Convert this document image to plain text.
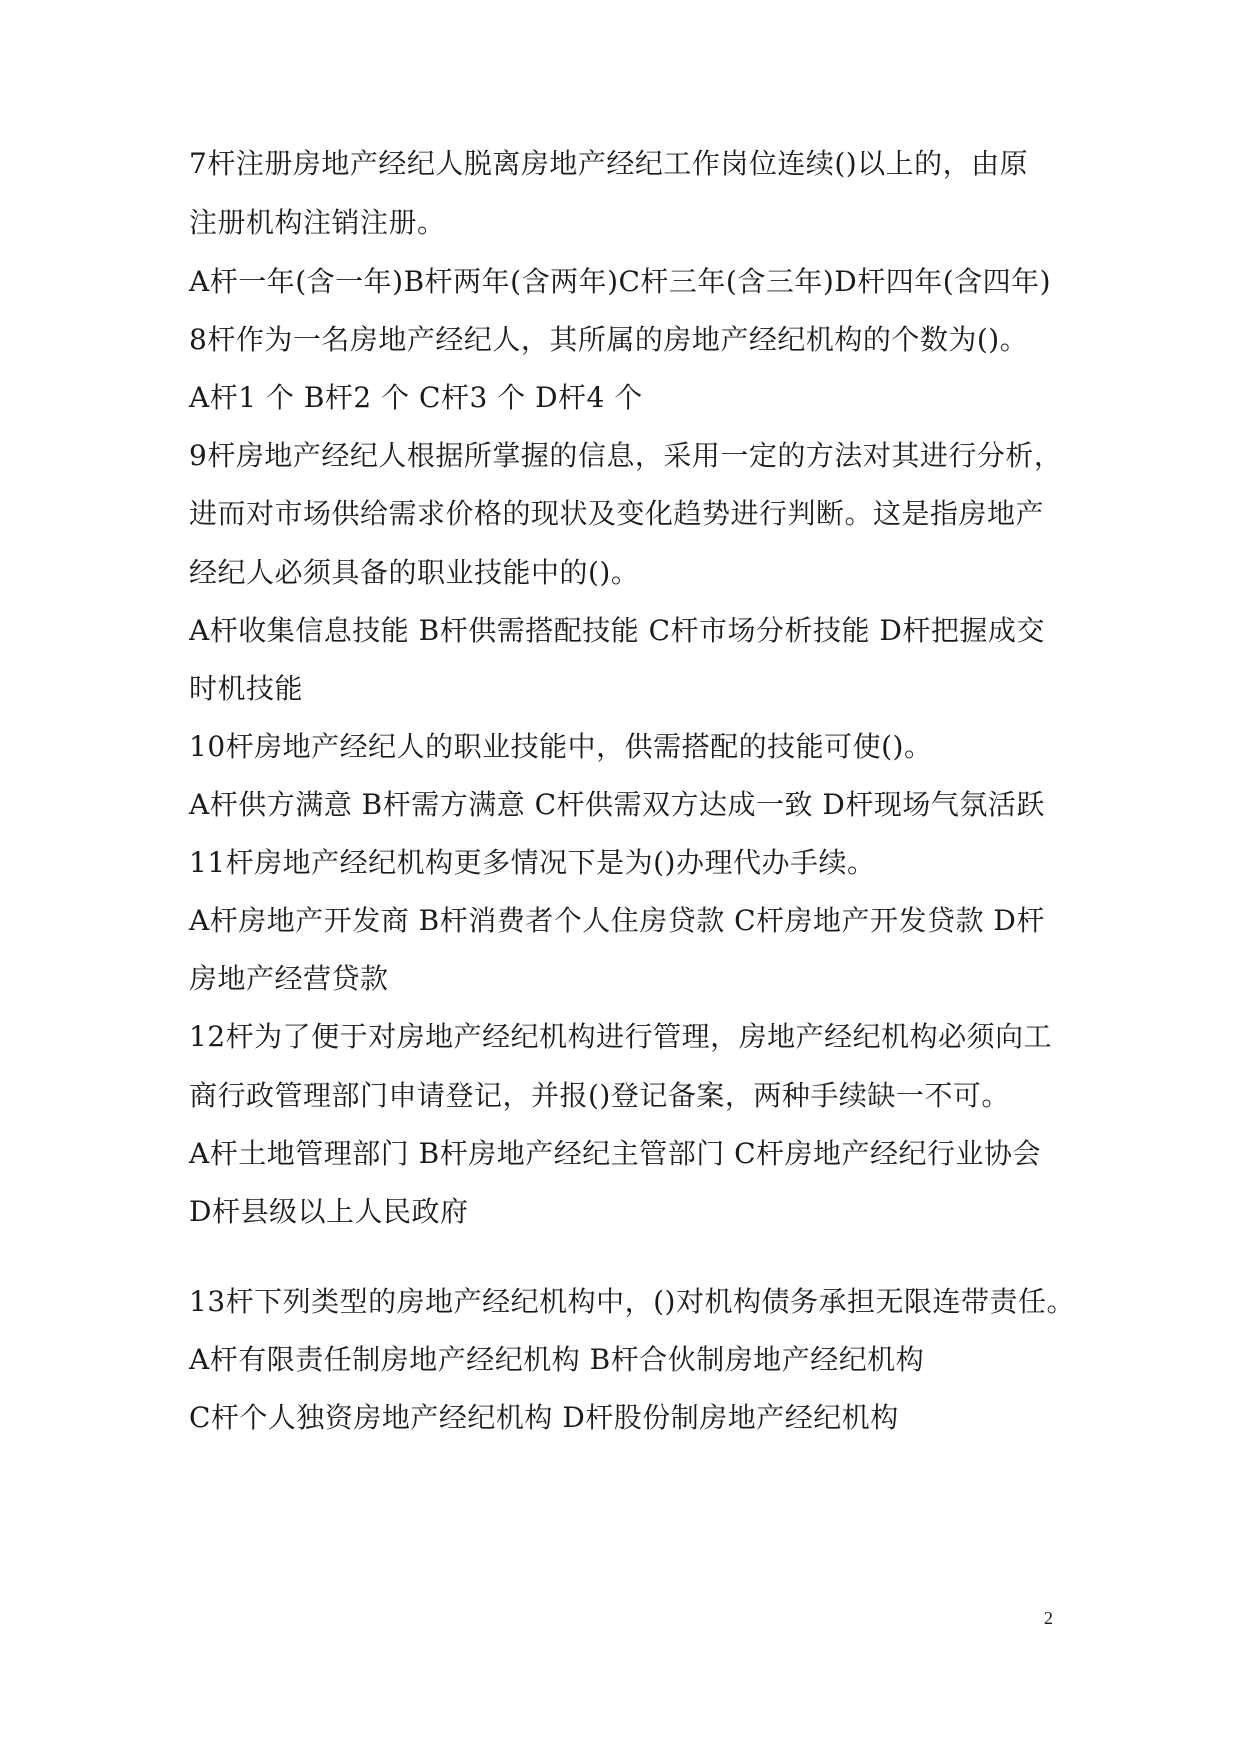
7杆注册房地产经纪人脱离房地产经纪工作岗位连续()以上的，由原
注册机构注销注册。
A杆一年(含一年)B杆两年(含两年)C杆三年(含三年)D杆四年(含四年)
8杆作为一名房地产经纪人，其所属的房地产经纪机构的个数为()。
A杆1 个 B杆2 个 C杆3 个 D杆4 个
9杆房地产经纪人根据所掌握的信息，采用一定的方法对其进行分析，
进而对市场供给需求价格的现状及变化趋势进行判断。这是指房地产
经纪人必须具备的职业技能中的()。
A杆收集信息技能 B杆供需搭配技能 C杆市场分析技能 D杆把握成交
时机技能
10杆房地产经纪人的职业技能中，供需搭配的技能可使()。
A杆供方满意 B杆需方满意 C杆供需双方达成一致 D杆现场气氛活跃
11杆房地产经纪机构更多情况下是为()办理代办手续。
A杆房地产开发商 B杆消费者个人住房贷款 C杆房地产开发贷款 D杆
房地产经营贷款
12杆为了便于对房地产经纪机构进行管理，房地产经纪机构必须向工
商行政管理部门申请登记，并报()登记备案，两种手续缺一不可。
A杆土地管理部门 B杆房地产经纪主管部门 C杆房地产经纪行业协会
D杆县级以上人民政府
13杆下列类型的房地产经纪机构中，()对机构债务承担无限连带责任。
A杆有限责任制房地产经纪机构 B杆合伙制房地产经纪机构
C杆个人独资房地产经纪机构 D杆股份制房地产经纪机构
2
